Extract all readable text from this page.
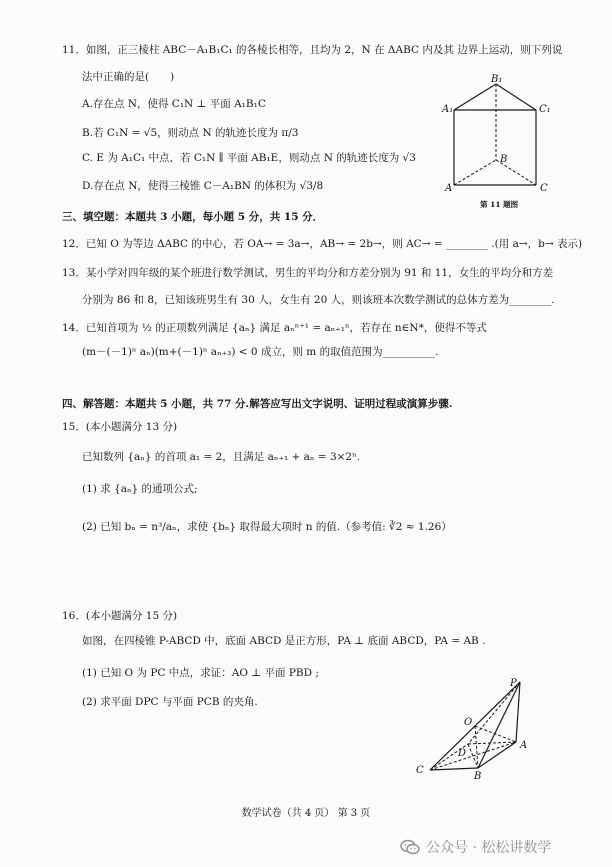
11．如图，正三棱柱 ABC－A₁B₁C₁ 的各棱长相等，且均为 2，N 在 ΔABC 内及其 边界上运动，则下列说
法中正确的是(　　)
A.存在点 N，使得 C₁N ⊥ 平面 A₁B₁C
B.若 C₁N = √5，则动点 N 的轨迹长度为 π/3
C. E 为 A₁C₁ 中点，若 C₁N ∥ 平面 AB₁E，则动点 N 的轨迹长度为 √3
D.存在点 N，使得三棱锥 C－A₁BN 的体积为 √3/8
B₁
A₁	C₁
B
A	C
第 11 题图
三、填空题：本题共 3 小题，每小题 5 分，共 15 分．
12．已知 O 为等边 ΔABC 的中心，若 OA→ = 3a→，AB→ = 2b→，则 AC→ = ________ .(用 a→，b→ 表示)
13．某小学对四年级的某个班进行数学测试，男生的平均分和方差分别为 91 和 11，女生的平均分和方差
分别为 86 和 8，已知该班男生有 30 人，女生有 20 人，则该班本次数学测试的总体方差为________.
14．已知首项为 ½ 的正项数列满足 {aₙ} 满足 aₙⁿ⁺¹ = aₙ₊₁ⁿ，若存在 n∈N*，使得不等式
(m－(－1)ⁿ aₙ)(m+(－1)ⁿ aₙ₊₃) < 0 成立，则 m 的取值范围为__________.
四、解答题：本题共 5 小题，共 77 分.解答应写出文字说明、证明过程或演算步骤.
15．(本小题满分 13 分)
已知数列 {aₙ} 的首项 a₁ = 2，且满足 aₙ₊₁ + aₙ = 3×2ⁿ.
(1) 求 {aₙ} 的通项公式;
(2) 已知 bₙ = n³/aₙ，求使 {bₙ} 取得最大项时 n 的值.（参考值: ∛2 ≈ 1.26）
16．(本小题满分 15 分)
如图，在四棱锥 P-ABCD 中，底面 ABCD 是正方形，PA ⊥ 底面 ABCD，PA = AB .
(1) 已知 O 为 PC 中点，求证：AO ⊥ 平面 PBD ;
(2) 求平面 DPC 与平面 PCB 的夹角.
P
O
A
D
C
B
数学试卷（共 4 页） 第 3 页
公众号 · 松松讲数学
